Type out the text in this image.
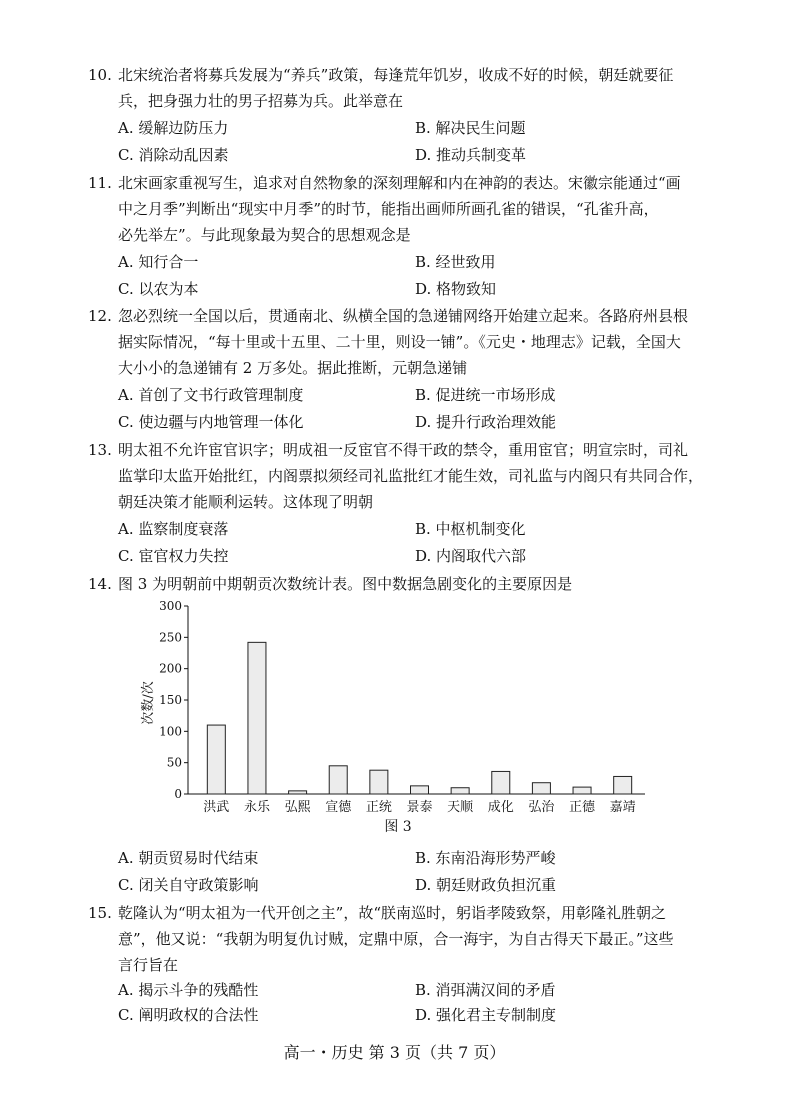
10. 北宋统治者将募兵发展为“养兵”政策，每逢荒年饥岁，收成不好的时候，朝廷就要征
兵，把身强力壮的男子招募为兵。此举意在
A. 缓解边防压力	B. 解决民生问题
C. 消除动乱因素	D. 推动兵制变革
11. 北宋画家重视写生，追求对自然物象的深刻理解和内在神韵的表达。宋徽宗能通过“画
中之月季”判断出“现实中月季”的时节，能指出画师所画孔雀的错误，“孔雀升高，
必先举左”。与此现象最为契合的思想观念是
A. 知行合一	B. 经世致用
C. 以农为本	D. 格物致知
12. 忽必烈统一全国以后，贯通南北、纵横全国的急递铺网络开始建立起来。各路府州县根
据实际情况，“每十里或十五里、二十里，则设一铺”。《元史・地理志》记载，全国大
大小小的急递铺有 2 万多处。据此推断，元朝急递铺
A. 首创了文书行政管理制度	B. 促进统一市场形成
C. 使边疆与内地管理一体化	D. 提升行政治理效能
13. 明太祖不允许宦官识字；明成祖一反宦官不得干政的禁令，重用宦官；明宣宗时，司礼
监掌印太监开始批红，内阁票拟须经司礼监批红才能生效，司礼监与内阁只有共同合作，
朝廷决策才能顺利运转。这体现了明朝
A. 监察制度衰落	B. 中枢机制变化
C. 宦官权力失控	D. 内阁取代六部
14. 图 3 为明朝前中期朝贡次数统计表。图中数据急剧变化的主要原因是
0
50
100
150
200
250
300
次数/次
洪武 永乐 弘熙 宣德 正统 景泰 天顺 成化 弘治 正德 嘉靖
图 3
A. 朝贡贸易时代结束	B. 东南沿海形势严峻
C. 闭关自守政策影响	D. 朝廷财政负担沉重
15. 乾隆认为“明太祖为一代开创之主”，故“朕南巡时，躬诣孝陵致祭，用彰隆礼胜朝之
意”，他又说：“我朝为明复仇讨贼，定鼎中原，合一海宇，为自古得天下最正。”这些
言行旨在
A. 揭示斗争的残酷性	B. 消弭满汉间的矛盾
C. 阐明政权的合法性	D. 强化君主专制制度
高一・历史 第 3 页（共 7 页）
